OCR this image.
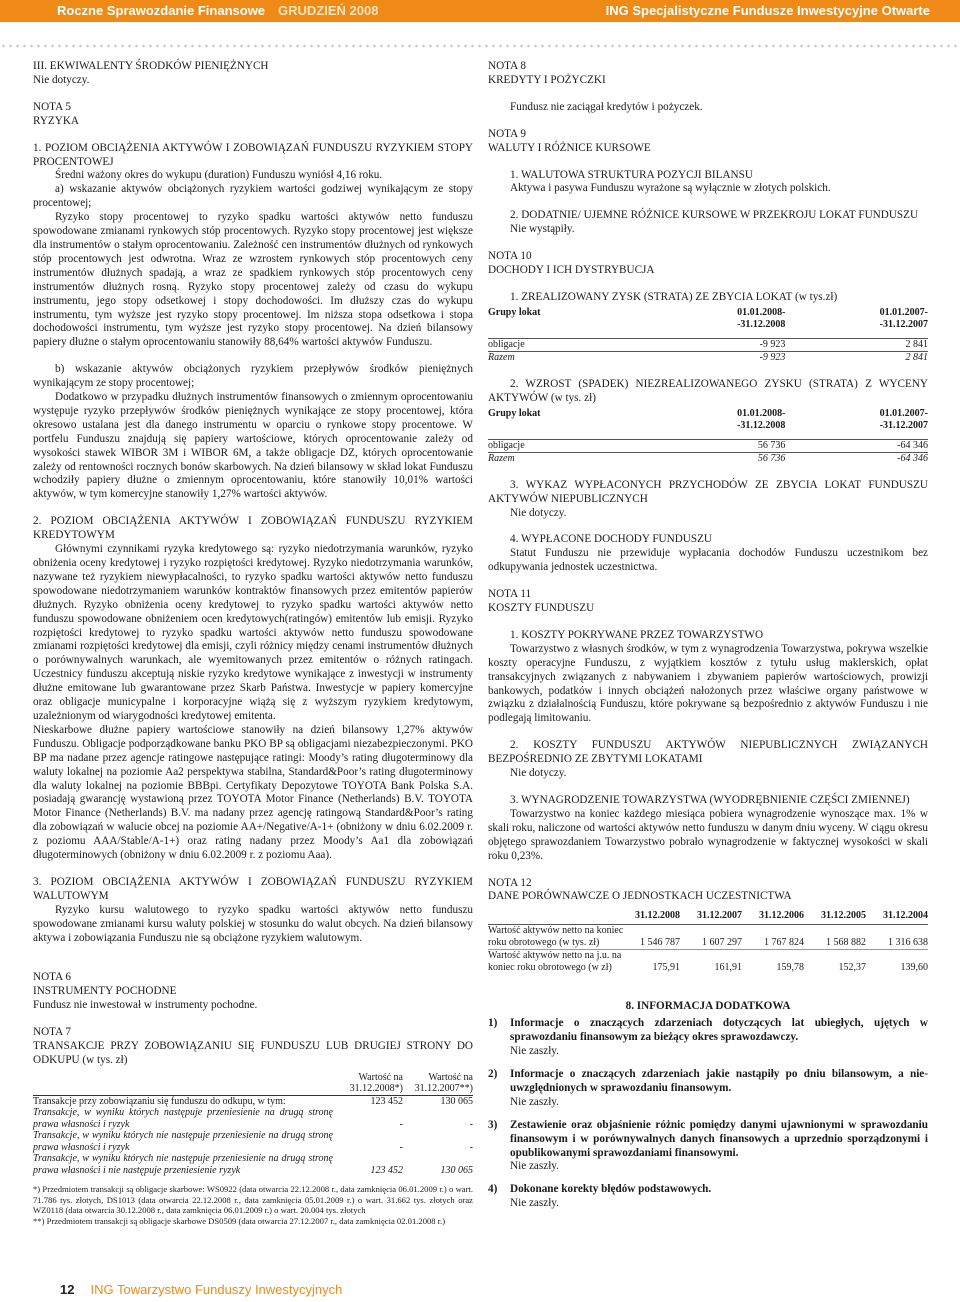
Roczne Sprawozdanie Finansowe GRUDZIEŃ 2008	ING Specjalistyczne Fundusze Inwestycyjne Otwarte

III. EKWIWALENTY ŚRODKÓW PIENIĘŻNYCH

Nie dotyczy.

NOTA 5

RYZYKA

1. POZIOM OBCIĄŻENIA AKTYWÓW I ZOBOWIĄZAŃ FUNDUSZU RYZYKIEM STOPY PROCENTOWEJ

Średni ważony okres do wykupu (duration) Funduszu wyniósł 4,16 roku.

a) wskazanie aktywów obciążonych ryzykiem wartości godziwej wynikającym ze stopy procentowej;

Ryzyko stopy procentowej to ryzyko spadku wartości aktywów netto funduszu spowodowane zmianami rynkowych stóp procentowych. Ryzyko stopy procentowej jest większe dla instrumentów o stałym oprocentowaniu. Zależność cen instrumentów dłużnych od rynkowych stóp procentowych jest odwrotna. Wraz ze wzrostem rynkowych stóp procentowych ceny instrumentów dłużnych spadają, a wraz ze spadkiem rynkowych stóp procentowych ceny instrumentów dłużnych rosną. Ryzyko stopy procentowej zależy od czasu do wykupu instrumentu, jego stopy odsetkowej i stopy dochodowości. Im dłuższy czas do wykupu instrumentu, tym wyższe jest ryzyko stopy procentowej. Im niższa stopa odsetkowa i stopa dochodowości instrumentu, tym wyższe jest ryzyko stopy procentowej. Na dzień bilansowy papiery dłużne o stałym oprocentowaniu stanowiły 88,64% wartości aktywów Funduszu.

b) wskazanie aktywów obciążonych ryzykiem przepływów środków pieniężnych wynikającym ze stopy procentowej;

Dodatkowo w przypadku dłużnych instrumentów finansowych o zmiennym oprocentowaniu występuje ryzyko przepływów środków pieniężnych wynikające ze stopy procentowej, która okresowo ustalana jest dla danego instrumentu w oparciu o rynkowe stopy procentowe. W portfelu Funduszu znajdują się papiery wartościowe, których oprocentowanie zależy od wysokości stawek WIBOR 3M i WIBOR 6M, a także obligacje DZ, których oprocentowanie zależy od rentowności rocznych bonów skarbowych. Na dzień bilansowy w skład lokat Funduszu wchodziły papiery dłużne o zmiennym oprocentowaniu, które stanowiły 10,01% wartości aktywów, w tym komercyjne stanowiły 1,27% wartości aktywów.

2. POZIOM OBCIĄŻENIA AKTYWÓW I ZOBOWIĄZAŃ FUNDUSZU RYZYKIEM KREDYTOWYM

Głównymi czynnikami ryzyka kredytowego są: ryzyko niedotrzymania warunków, ryzyko obniżenia oceny kredytowej i ryzyko rozpiętości kredytowej. Ryzyko niedotrzymania warunków, nazywane też ryzykiem niewypłacalności, to ryzyko spadku wartości aktywów netto funduszu spowodowane niedotrzymaniem warunków kontraktów finansowych przez emitentów papierów dłużnych. Ryzyko obniżenia oceny kredytowej to ryzyko spadku wartości aktywów netto funduszu spowodowane obniżeniem ocen kredytowych(ratingów) emitentów lub emisji. Ryzyko rozpiętości kredytowej to ryzyko spadku wartości aktywów netto funduszu spowodowane zmianami rozpiętości kredytowej dla emisji, czyli różnicy między cenami instrumentów dłużnych o porównywalnych warunkach, ale wyemitowanych przez emitentów o różnych ratingach. Uczestnicy funduszu akceptują niskie ryzyko kredytowe wynikające z inwestycji w instrumenty dłużne emitowane lub gwarantowane przez Skarb Państwa. Inwestycje w papiery komercyjne oraz obligacje municypalne i korporacyjne wiążą się z wyższym ryzykiem kredytowym, uzależnionym od wiarygodności kredytowej emitenta.

Nieskarbowe dłużne papiery wartościowe stanowiły na dzień bilansowy 1,27% aktywów Funduszu. Obligacje podporządkowane banku PKO BP są obligacjami niezabezpieczonymi. PKO BP ma nadane przez agencje ratingowe następujące ratingi: Moody’s rating długoterminowy dla waluty lokalnej na poziomie Aa2 perspektywa stabilna, Standard&Poor’s rating długoterminowy dla waluty lokalnej na poziomie BBBpi. Certyfikaty Depozytowe TOYOTA Bank Polska S.A. posiadają gwarancję wystawioną przez TOYOTA Motor Finance (Netherlands) B.V. TOYOTA Motor Finance (Netherlands) B.V. ma nadany przez agencję ratingową Standard&Poor’s rating dla zobowiązań w walucie obcej na poziomie AA+/Negative/A-1+ (obniżony w dniu 6.02.2009 r. z poziomu AAA/Stable/A-1+) oraz rating nadany przez Moody’s Aa1 dla zobowiązań długoterminowych (obniżony w dniu 6.02.2009 r. z poziomu Aaa).

3. POZIOM OBCIĄŻENIA AKTYWÓW I ZOBOWIĄZAŃ FUNDUSZU RYZYKIEM WALUTOWYM

Ryzyko kursu walutowego to ryzyko spadku wartości aktywów netto funduszu spowodowane zmianami kursu waluty polskiej w stosunku do walut obcych. Na dzień bilansowy aktywa i zobowiązania Funduszu nie są obciążone ryzykiem walutowym.

NOTA 6

INSTRUMENTY POCHODNE

Fundusz nie inwestował w instrumenty pochodne.

NOTA 7

TRANSAKCJE PRZY ZOBOWIĄZANIU SIĘ FUNDUSZU LUB DRUGIEJ STRONY DO ODKUPU (w tys. zł)

	Wartość na
31.12.2008*)	Wartość na
31.12.2007**)
Transakcje przy zobowiązaniu się funduszu do odkupu, w tym:	123 452	130 065
Transakcje, w wyniku których następuje przeniesienie na drugą stronę prawa własności i ryzyk	-	-
Transakcje, w wyniku których nie następuje przeniesienie na drugą stronę prawa własności i ryzyk	-	-
Transakcje, w wyniku których nie następuje przeniesienie na drugą stronę prawa własności i nie następuje przeniesienie ryzyk	123 452	130 065

*) Przedmiotem transakcji są obligacje skarbowe: WS0922 (data otwarcia 22.12.2008 r., data zamknięcia 06.01.2009 r.) o wart. 71.786 tys. złotych, DS1013 (data otwarcia 22.12.2008 r., data zamknięcia 05.01.2009 r.) o wart. 31.662 tys. złotych oraz WZ0118 (data otwarcia 30.12.2008 r., data zamknięcia 06.01.2009 r.) o wart. 20.004 tys. złotych

**) Przedmiotem transakcji są obligacje skarbowe DS0509 (data otwarcia 27.12.2007 r., data zamknięcia 02.01.2008 r.)

NOTA 8

KREDYTY I POŻYCZKI

Fundusz nie zaciągał kredytów i pożyczek.

NOTA 9

WALUTY I RÓŻNICE KURSOWE

1. WALUTOWA STRUKTURA POZYCJI BILANSU

Aktywa i pasywa Funduszu wyrażone są wyłącznie w złotych polskich.

2. DODATNIE/ UJEMNE RÓŻNICE KURSOWE W PRZEKROJU LOKAT FUNDUSZU

Nie wystąpiły.

NOTA 10

DOCHODY I ICH DYSTRYBUCJA

1. ZREALIZOWANY ZYSK (STRATA) ZE ZBYCIA LOKAT (w tys.zł)

Grupy lokat	01.01.2008-
-31.12.2008	01.01.2007-
-31.12.2007

obligacje	-9 923	2 841
Razem	-9 923	2 841

2. WZROST (SPADEK) NIEZREALIZOWANEGO ZYSKU (STRATA) Z WYCENY AKTYWÓW (w tys. zł)

Grupy lokat	01.01.2008-
-31.12.2008	01.01.2007-
-31.12.2007

obligacje	56 736	-64 346
Razem	56 736	-64 346

3. WYKAZ WYPŁACONYCH PRZYCHODÓW ZE ZBYCIA LOKAT FUNDUSZU AKTYWÓW NIEPUBLICZNYCH

Nie dotyczy.

4. WYPŁACONE DOCHODY FUNDUSZU

Statut Funduszu nie przewiduje wypłacania dochodów Funduszu uczestnikom bez odkupywania jednostek uczestnictwa.

NOTA 11

KOSZTY FUNDUSZU

1. KOSZTY POKRYWANE PRZEZ TOWARZYSTWO

Towarzystwo z własnych środków, w tym z wynagrodzenia Towarzystwa, pokrywa wszelkie koszty operacyjne Funduszu, z wyjątkiem kosztów z tytułu usług maklerskich, opłat transakcyjnych związanych z nabywaniem i zbywaniem papierów wartościowych, prowizji bankowych, podatków i innych obciążeń nałożonych przez właściwe organy państwowe w związku z działalnością Funduszu, które pokrywane są bezpośrednio z aktywów Funduszu i nie podlegają limitowaniu.

2. KOSZTY FUNDUSZU AKTYWÓW NIEPUBLICZNYCH ZWIĄZANYCH BEZPOŚREDNIO ZE ZBYTYMI LOKATAMI

Nie dotyczy.

3. WYNAGRODZENIE TOWARZYSTWA (WYODRĘBNIENIE CZĘŚCI ZMIENNEJ)

Towarzystwo na koniec każdego miesiąca pobiera wynagrodzenie wynoszące max. 1% w skali roku, naliczone od wartości aktywów netto funduszu w danym dniu wyceny. W ciągu okresu objętego sprawozdaniem Towarzystwo pobrało wynagrodzenie w faktycznej wysokości w skali roku 0,23%.

NOTA 12

DANE PORÓWNAWCZE O JEDNOSTKACH UCZESTNICTWA

	31.12.2008	31.12.2007	31.12.2006	31.12.2005	31.12.2004
Wartość aktywów netto na koniec					
roku obrotowego (w tys. zł)	1 546 787	1 607 297	1 767 824	1 568 882	1 316 638
Wartość aktywów netto na j.u. na					
koniec roku obrotowego (w zł)	175,91	161,91	159,78	152,37	139,60

8. INFORMACJA DODATKOWA

1) Informacje o znaczących zdarzeniach dotyczących lat ubiegłych, ujętych w sprawozdaniu finansowym za bieżący okres sprawozdawczy.
Nie zaszły.
2) Informacje o znaczących zdarzeniach jakie nastąpiły po dniu bilansowym, a nie-uwzględnionych w sprawozdaniu finansowym.
Nie zaszły.
3) Zestawienie oraz objaśnienie różnic pomiędzy danymi ujawnionymi w sprawozdaniu finansowym i w porównywalnych danych finansowych a uprzednio sporządzonymi i opublikowanymi sprawozdaniami finansowymi.
Nie zaszły.
4) Dokonane korekty błędów podstawowych.
Nie zaszły.
12 ING Towarzystwo Funduszy Inwestycyjnych
